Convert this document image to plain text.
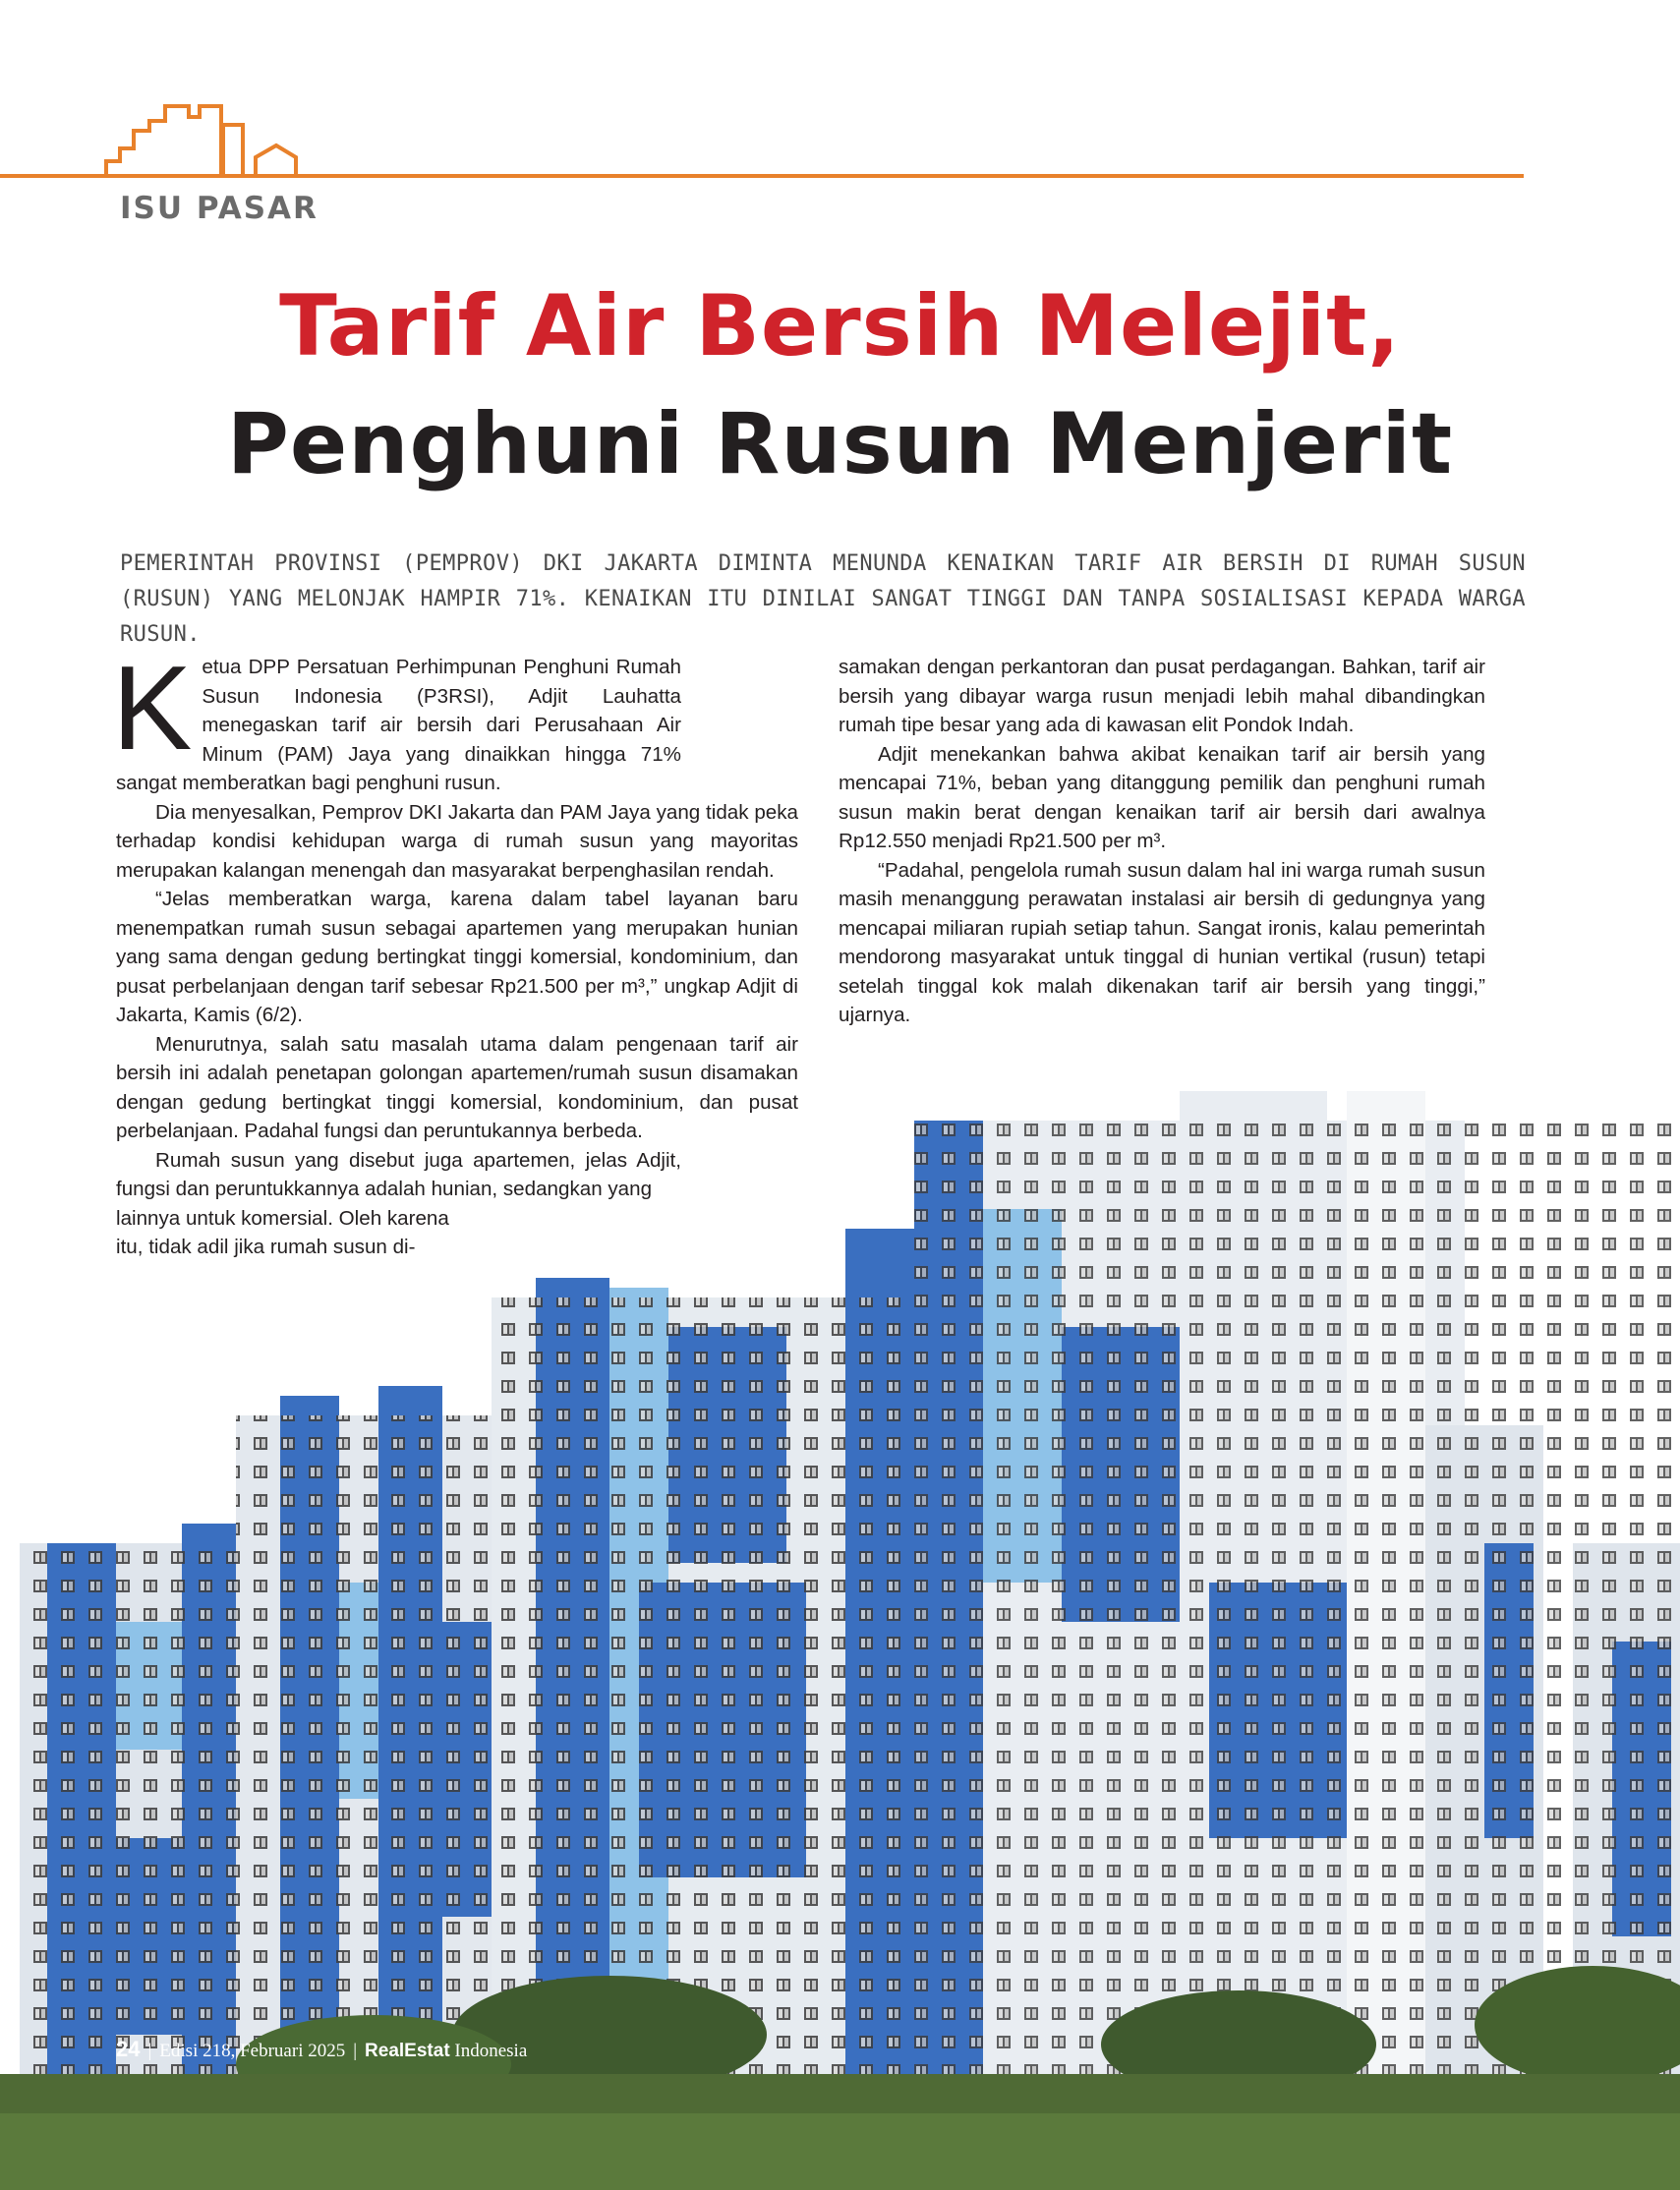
ISU PASAR
Tarif Air Bersih Melejit,
Penghuni Rusun Menjerit
PEMERINTAH PROVINSI (PEMPROV) DKI JAKARTA DIMINTA MENUNDA KENAIKAN TARIF AIR BERSIH DI RUMAH SUSUN (RUSUN) YANG MELONJAK HAMPIR 71%. KENAIKAN ITU DINILAI SANGAT TINGGI DAN TANPA SOSIALISASI KEPADA WARGA RUSUN.

Ketua DPP Persatuan Perhimpunan Penghuni Rumah Susun Indonesia (P3RSI), Adjit Lauhatta menegaskan tarif air bersih dari Perusahaan Air Minum (PAM) Jaya yang dinaikkan hingga 71% sangat memberatkan bagi penghuni rusun.

Dia menyesalkan, Pemprov DKI Jakarta dan PAM Jaya yang tidak peka terhadap kondisi kehidupan warga di rumah susun yang mayoritas merupakan kalangan menengah dan masyarakat berpenghasilan rendah.

“Jelas memberatkan warga, karena dalam tabel layanan baru menempatkan rumah susun sebagai apartemen yang merupakan hunian yang sama dengan gedung bertingkat tinggi komersial, kondominium, dan pusat perbelanjaan dengan tarif sebesar Rp21.500 per m³,” ungkap Adjit di Jakarta, Kamis (6/2).

Menurutnya, salah satu masalah utama dalam pengenaan tarif air bersih ini adalah penetapan golongan apartemen/rumah susun disamakan dengan gedung bertingkat tinggi komersial, kondominium, dan pusat perbelanjaan. Padahal fungsi dan peruntukannya berbeda.

Rumah susun yang disebut juga apartemen, jelas Adjit, fungsi dan peruntukkannya adalah hunian, sedangkan yang

lainnya untuk komersial. Oleh karena

itu, tidak adil jika rumah susun di-

samakan dengan perkantoran dan pusat perdagangan. Bahkan, tarif air bersih yang dibayar warga rusun menjadi lebih mahal dibandingkan rumah tipe besar yang ada di kawasan elit Pondok Indah.

Adjit menekankan bahwa akibat kenaikan tarif air bersih yang mencapai 71%, beban yang ditanggung pemilik dan penghuni rumah susun makin berat dengan kenaikan tarif air bersih dari awalnya Rp12.550 menjadi Rp21.500 per m³.

“Padahal, pengelola rumah susun dalam hal ini warga rumah susun masih menanggung perawatan instalasi air bersih di gedungnya yang mencapai miliaran rupiah setiap tahun. Sangat ironis, kalau pemerintah mendorong masyarakat untuk tinggal di hunian vertikal (rusun) tetapi setelah tinggal kok malah dikenakan tarif air bersih yang tinggi,” ujarnya.

24 | Edisi 218, Februari 2025 | RealEstat Indonesia
